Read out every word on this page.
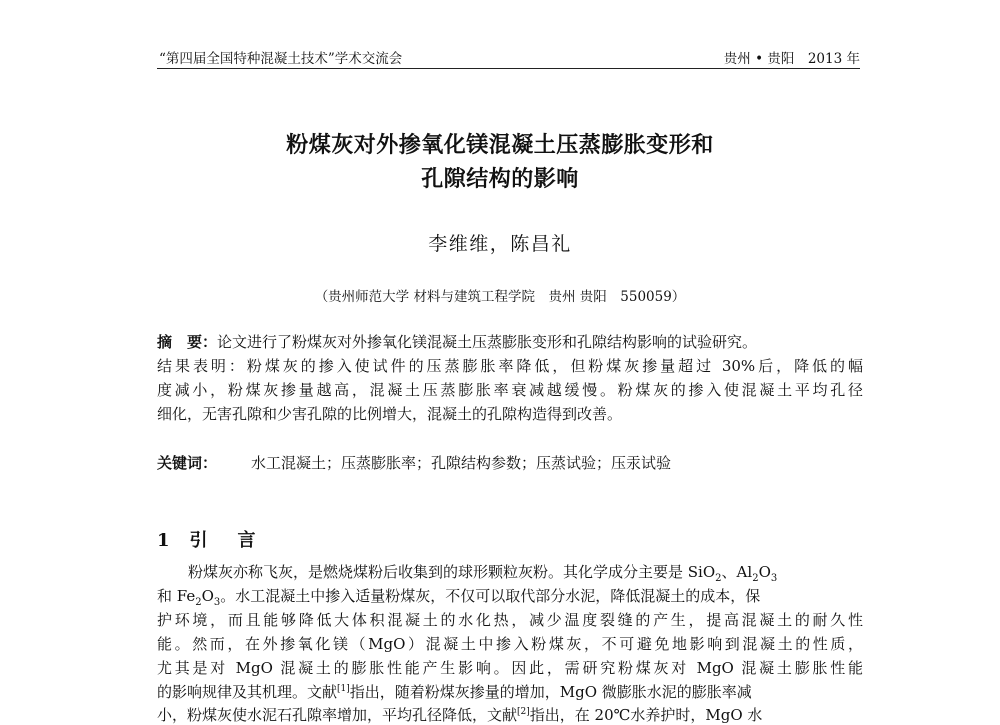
“第四届全国特种混凝土技术”学术交流会	贵州 • 贵阳　2013 年
粉煤灰对外掺氧化镁混凝土压蒸膨胀变形和
孔隙结构的影响
李维维，陈昌礼
（贵州师范大学 材料与建筑工程学院　贵州 贵阳　550059）
摘　要：论文进行了粉煤灰对外掺氧化镁混凝土压蒸膨胀变形和孔隙结构影响的试验研究。
结果表明：粉煤灰的掺入使试件的压蒸膨胀率降低，但粉煤灰掺量超过 30%后，降低的幅
度减小，粉煤灰掺量越高，混凝土压蒸膨胀率衰减越缓慢。粉煤灰的掺入使混凝土平均孔径
细化，无害孔隙和少害孔隙的比例增大，混凝土的孔隙构造得到改善。
关键词： 水工混凝土；压蒸膨胀率；孔隙结构参数；压蒸试验；压汞试验
1 引言
粉煤灰亦称飞灰，是燃烧煤粉后收集到的球形颗粒灰粉。其化学成分主要是 SiO$_2$、$Al_2O_3$
和 $Fe_2O_3$。水工混凝土中掺入适量粉煤灰，不仅可以取代部分水泥，降低混凝土的成本，保
护环境，而且能够降低大体积混凝土的水化热，减少温度裂缝的产生，提高混凝土的耐久性
能。然而，在外掺氧化镁（MgO）混凝土中掺入粉煤灰，不可避免地影响到混凝土的性质，
尤其是对 MgO 混凝土的膨胀性能产生影响。因此，需研究粉煤灰对 MgO 混凝土膨胀性能
的影响规律及其机理。文献[1]指出，随着粉煤灰掺量的增加，MgO 微膨胀水泥的膨胀率减
小，粉煤灰使水泥石孔隙率增加，平均孔径降低，文献[2]指出，在 20℃水养护时，MgO 水
